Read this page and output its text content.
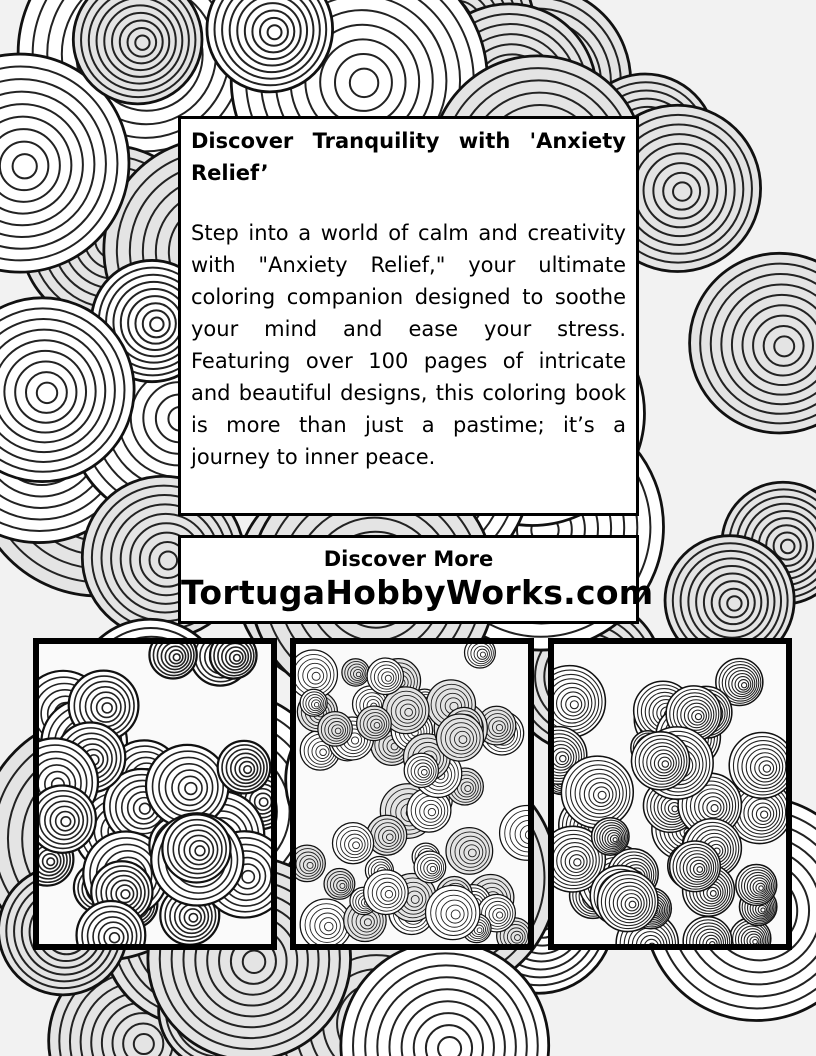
Discover Tranquility with 'Anxiety Relief’

Step into a world of calm and creativity with "Anxiety Relief," your ultimate coloring companion designed to soothe your mind and ease your stress. Featuring over 100 pages of intricate and beautiful designs, this coloring book is more than just a pastime; it’s a journey to inner peace.

Discover More
TortugaHobbyWorks.com
